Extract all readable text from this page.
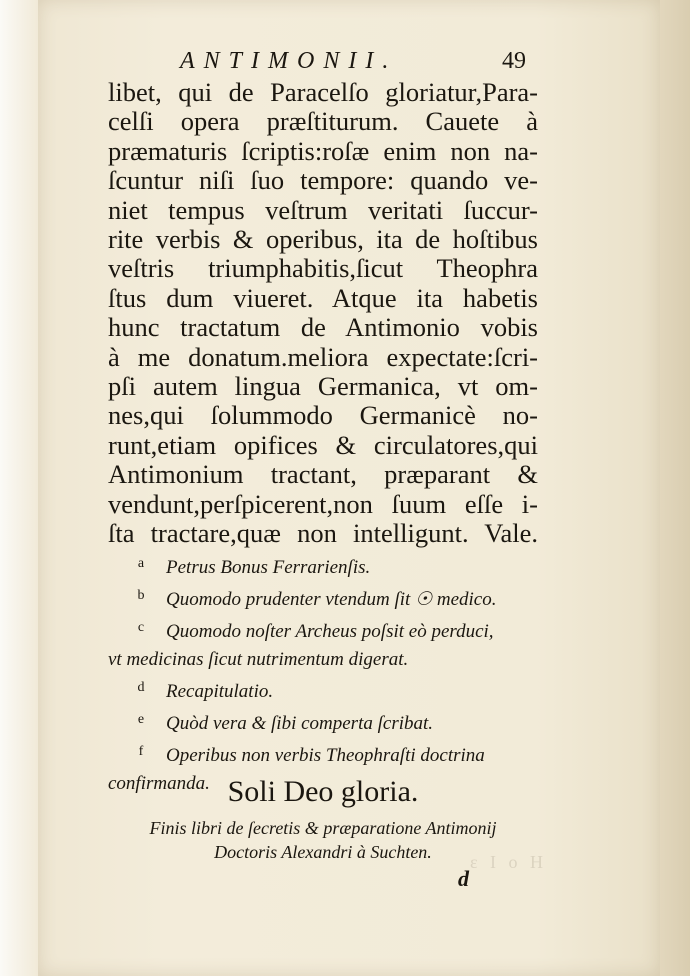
ANTIMONII.	49
libet, qui de Paracelſo gloriatur,Para-
celſi opera præſtiturum. Cauete à
præmaturis ſcriptis:roſæ enim non na-
ſcuntur niſi ſuo tempore: quando ve-
niet tempus veſtrum veritati ſuccur-
rite verbis & operibus, ita de hoſtibus
veſtris triumphabitis,ſicut Theophra
ſtus dum viueret. Atque ita habetis
hunc tractatum de Antimonio vobis
à me donatum.meliora expectate:ſcri-
pſi autem lingua Germanica, vt om-
nes,qui ſolummodo Germanicè no-
runt,etiam opifices & circulatores,qui
Antimonium tractant, præparant &
vendunt,perſpicerent,non ſuum eſſe i-
ſta tractare,quæ non intelligunt. Vale.
a Petrus Bonus Ferrarienſis.
b Quomodo prudenter vtendum ſit ☉ medico.
c Quomodo noſter Archeus poſsit eò perduci,
vt medicinas ſicut nutrimentum digerat.
d Recapitulatio.
e Quòd vera & ſibi comperta ſcribat.
f Operibus non verbis Theophraſti doctrina
confirmanda. Soli Deo gloria.
Finis libri de ſecretis & præparatione Antimonij
Doctoris Alexandri à Suchten.	ε Ι ο Η
d
